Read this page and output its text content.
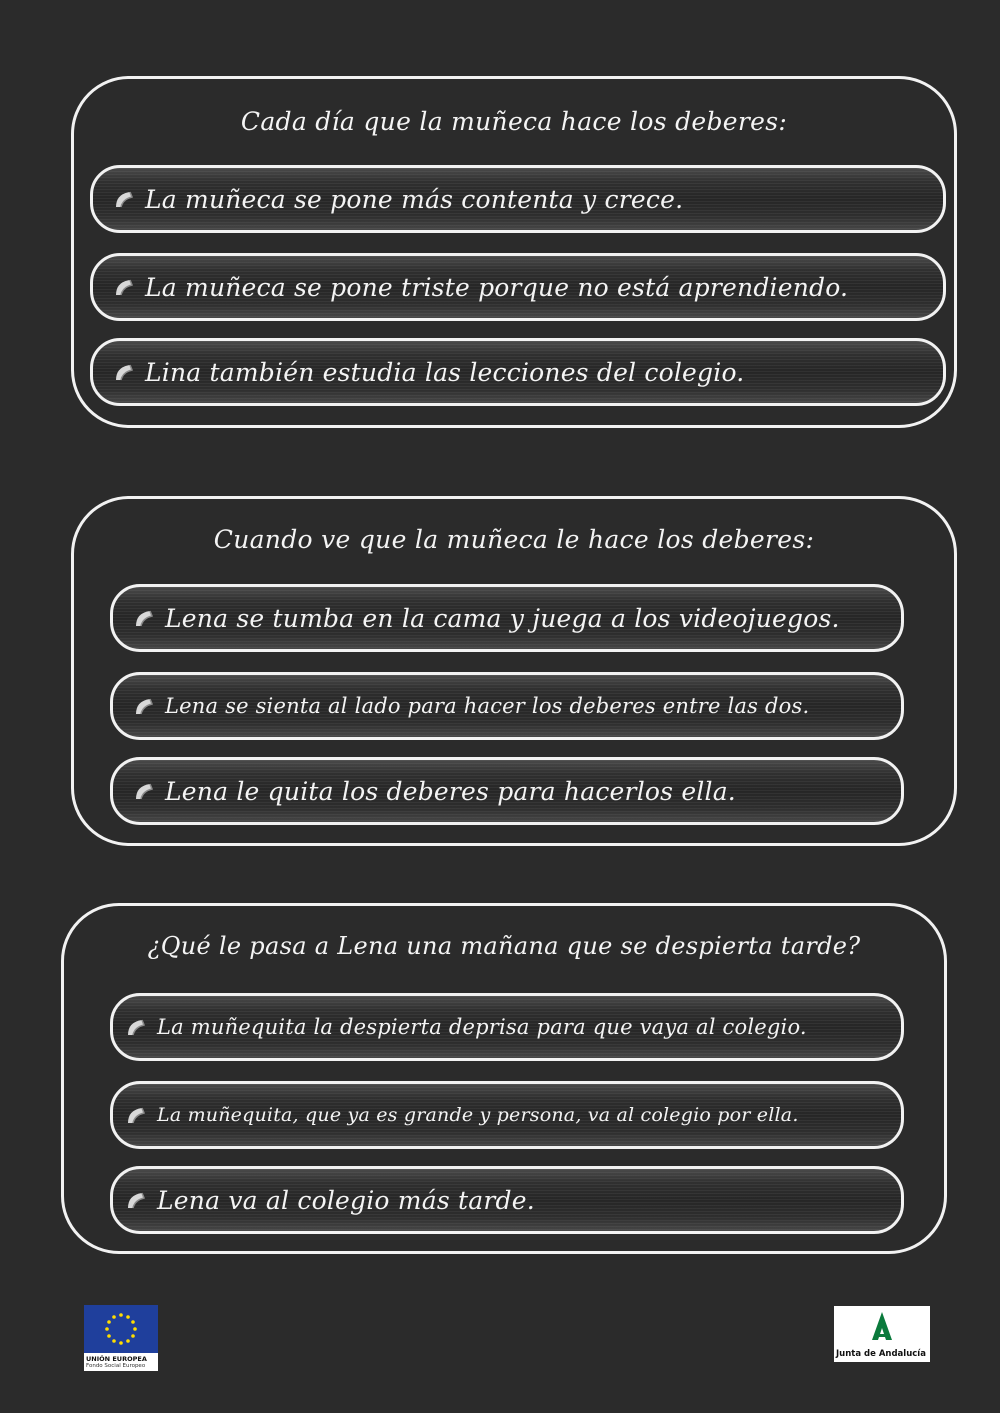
Cada día que la muñeca hace los deberes:
La muñeca se pone más contenta y crece.
La muñeca se pone triste porque no está aprendiendo.
Lina también estudia las lecciones del colegio.
Cuando ve que la muñeca le hace los deberes:
Lena se tumba en la cama y juega a los videojuegos.
Lena se sienta al lado para hacer los deberes entre las dos.
Lena le quita los deberes para hacerlos ella.
¿Qué le pasa a Lena una mañana que se despierta tarde?
La muñequita la despierta deprisa para que vaya al colegio.
La muñequita, que ya es grande y persona, va al colegio por ella.
Lena va al colegio más tarde.
UNIÓN EUROPEA
Fondo Social Europeo
Junta de Andalucía
